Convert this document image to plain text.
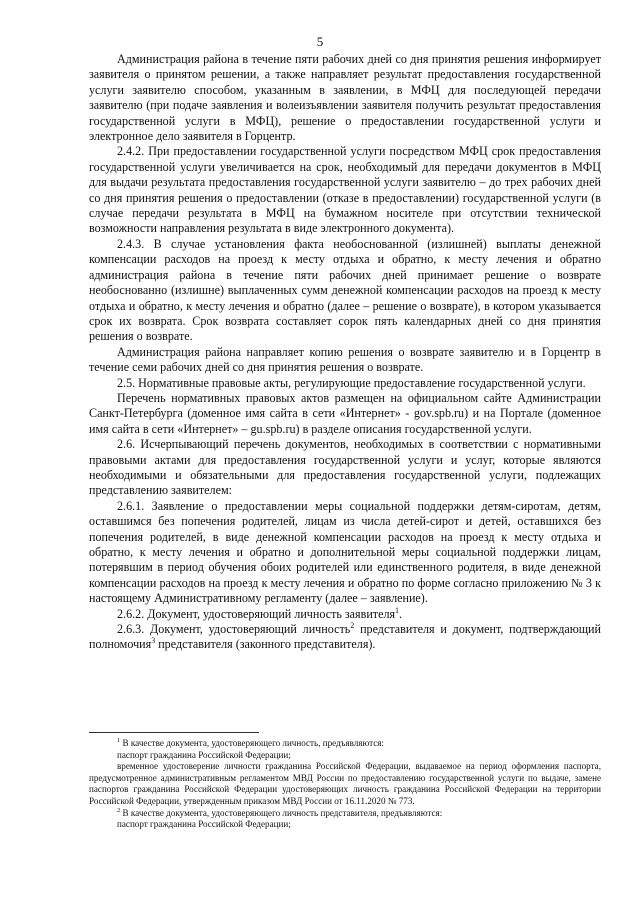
5

Администрация района в течение пяти рабочих дней со дня принятия решения информирует заявителя о принятом решении, а также направляет результат предоставления государственной услуги заявителю способом, указанным в заявлении, в МФЦ для последующей передачи заявителю (при подаче заявления и волеизъявлении заявителя получить результат предоставления государственной услуги в МФЦ), решение о предоставлении государственной услуги и электронное дело заявителя в Горцентр.

2.4.2. При предоставлении государственной услуги посредством МФЦ срок предоставления государственной услуги увеличивается на срок, необходимый для передачи документов в МФЦ для выдачи результата предоставления государственной услуги заявителю – до трех рабочих дней со дня принятия решения о предоставлении (отказе в предоставлении) государственной услуги (в случае передачи результата в МФЦ на бумажном носителе при отсутствии технической возможности направления результата в виде электронного документа).

2.4.3. В случае установления факта необоснованной (излишней) выплаты денежной компенсации расходов на проезд к месту отдыха и обратно, к месту лечения и обратно администрация района в течение пяти рабочих дней принимает решение о возврате необоснованно (излишне) выплаченных сумм денежной компенсации расходов на проезд к месту отдыха и обратно, к месту лечения и обратно (далее – решение о возврате), в котором указывается срок их возврата. Срок возврата составляет сорок пять календарных дней со дня принятия решения о возврате.

Администрация района направляет копию решения о возврате заявителю и в Горцентр в течение семи рабочих дней со дня принятия решения о возврате.

2.5. Нормативные правовые акты, регулирующие предоставление государственной услуги.

Перечень нормативных правовых актов размещен на официальном сайте Администрации Санкт-Петербурга (доменное имя сайта в сети «Интернет» - gov.spb.ru) и на Портале (доменное имя сайта в сети «Интернет» – gu.spb.ru) в разделе описания государственной услуги.

2.6. Исчерпывающий перечень документов, необходимых в соответствии с нормативными правовыми актами для предоставления государственной услуги и услуг, которые являются необходимыми и обязательными для предоставления государственной услуги, подлежащих представлению заявителем:

2.6.1. Заявление о предоставлении меры социальной поддержки детям-сиротам, детям, оставшимся без попечения родителей, лицам из числа детей-сирот и детей, оставшихся без попечения родителей, в виде денежной компенсации расходов на проезд к месту отдыха и обратно, к месту лечения и обратно и дополнительной меры социальной поддержки лицам, потерявшим в период обучения обоих родителей или единственного родителя, в виде денежной компенсации расходов на проезд к месту лечения и обратно по форме согласно приложению № 3 к настоящему Административному регламенту (далее – заявление).

2.6.2. Документ, удостоверяющий личность заявителя$^1$.

2.6.3. Документ, удостоверяющий личность$^2$ представителя и документ, подтверждающий полномочия$^3$ представителя (законного представителя).

$^1$ В качестве документа, удостоверяющего личность, предъявляются:

паспорт гражданина Российской Федерации;

временное удостоверение личности гражданина Российской Федерации, выдаваемое на период оформления паспорта, предусмотренное административным регламентом МВД России по предоставлению государственной услуги по выдаче, замене паспортов гражданина Российской Федерации удостоверяющих личность гражданина Российской Федерации на территории Российской Федерации, утвержденным приказом МВД России от 16.11.2020 № 773.

$^2$ В качестве документа, удостоверяющего личность представителя, предъявляются:

паспорт гражданина Российской Федерации;
